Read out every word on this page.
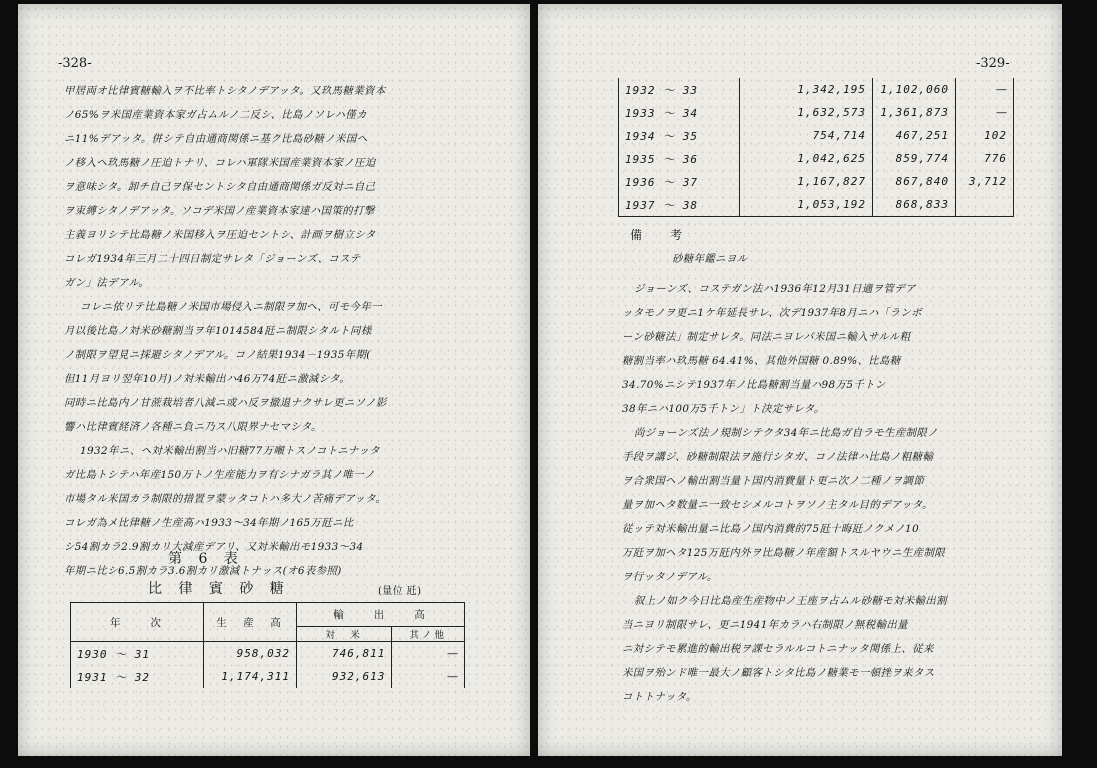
-328-
甲居両オ比律賓糖輸入ヲ不比率トシタノデアッタ。又玖馬糖業資本
ノ65%ヲ米国産業資本家ガ占ムルノ二反シ、比島ノソレハ僅カ
ニ11%デアッタ。併シテ自由通商関係ニ基ク比島砂糖ノ米国ヘ
ノ移入ヘ玖馬糖ノ圧迫トナリ、コレハ軍隊米国産業資本家ノ圧迫
ヲ意味シタ。卸チ自己ヲ保セントシタ自由通商関係ガ反対ニ自己
ヲ束縛シタノデアッタ。ソコデ米国ノ産業資本家達ハ国策的打撃
主義ヨリシテ比島糖ノ米国移入ヲ圧迫セントシ、計画ヲ樹立シタ
コレガ1934年三月二十四日制定サレタ「ジョーンズ、コステ
ガン」法デアル。
コレニ依リテ比島糖ノ米国市場侵入ニ制限ヲ加ヘ、可モ今年一
月以後比島ノ対米砂糖割当ヲ年1014584瓩ニ制限シタルト同様
ノ制限ヲ望見ニ採避シタノデアル。コノ結果1934－1935年期(
但11月ヨリ翌年10月)ノ対米輸出ハ46万74瓩ニ激減シタ。
同時ニ比島内ノ甘蔗栽培者八減ニ或ハ反ヲ撤退ナクサレ更ニソノ影
響ハ比律賓経済ノ各種ニ負ニ乃ス八限界ナセマシタ。
1932年ニ、ヘ対米輸出割当ハ旧糖77万噸トスノコトニナッタ
ガ比島トシテハ年産150万トノ生産能力ヲ有シナガラ其ノ唯一ノ
市場タル米国カラ制限的措置ヲ蒙ッタコトハ多大ノ苦痛デアッタ。
コレガ為メ比律糖ノ生産高ハ1933～34年期ノ165万瓩ニ比
シ54割カラ2.9割カリ大減産デアリ、又対米輸出モ1933～34
年期ニ比シ6.5割カラ3.6割カリ激減トナッス(オ6表参照)
第 6 表
比 律 賓 砂 糖	(量位 瓩)
年　　次	生　産　高	輸　　出　　高	
		対　米	其ノ他
1930 ～ 31	958,032	746,811	—
1931 ～ 32	1,174,311	932,613	—
-329-
1932 ～ 33	1,342,195	1,102,060	—
1933 ～ 34	1,632,573	1,361,873	—
1934 ～ 35	754,714	467,251	102
1935 ～ 36	1,042,625	859,774	776
1936 ～ 37	1,167,827	867,840	3,712
1937 ～ 38	1,053,192	868,833	
備　考
砂糖年鑑ニヨル
ジョーンズ、コステガン法ハ1936年12月31日適ヲ管デア
ッタモノヲ更ニ1ケ年延長サレ、次デ1937年8月ニハ「ランボ
ーン砂糖法」制定サレタ。同法ニヨレバ米国ニ輸入サルル粗
糖割当率ハ玖馬糖 64.41%、其他外国糖 0.89%、比島糖
34.70%ニシテ1937年ノ比島糖割当量ハ98万5千トン
38年ニハ100万5千トン」ト決定サレタ。
尚ジョーンズ法ノ規制シテクタ34年ニ比島ガ自ラモ生産制限ノ
手段ヲ講ジ、砂糖制限法ヲ施行シタガ、コノ法律ハ比島ノ粗糖輸
ヲ合衆国ヘノ輸出割当量ト国内消費量ト更ニ次ノ二種ノヲ調節
量ヲ加ヘタ数量ニ一致セシメルコトヲソノ主タル目的デアッタ。
従ッテ対米輸出量ニ比島ノ国内消費的75瓩十晦瓩ノクメノ10
万瓩ヲ加ヘタ125万瓩内外ヲ比島糖ノ年産額トスルヤウニ生産制限
ヲ行ッタノデアル。
叙上ノ如ク今日比島産生産物中ノ王座ヲ占ムル砂糖モ対米輸出割
当ニヨリ制限サレ、更ニ1941年カラハ右制限ノ無税輸出量
ニ対シテモ累進的輸出税ヲ課セラルルコトニナッタ関係上、従来
米国ヲ殆ンド唯一最大ノ顧客トシタ比島ノ糖業モ一頓挫ヲ来タス
コトトナッタ。
